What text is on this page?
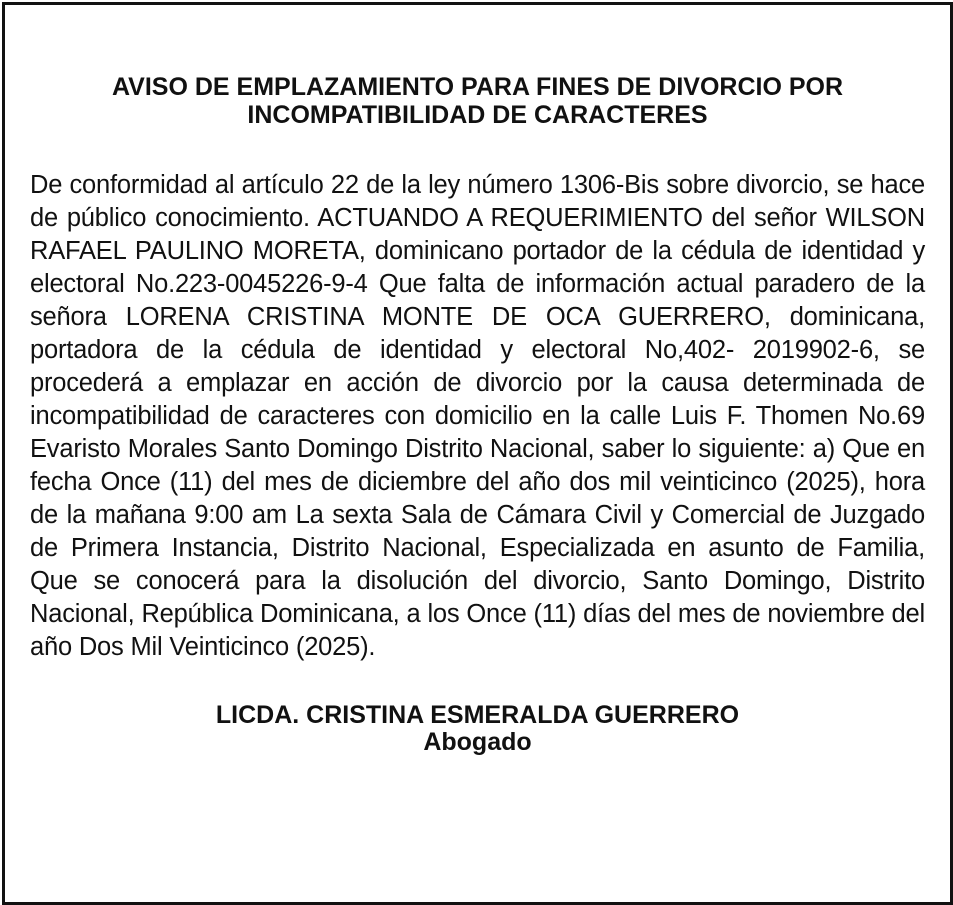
AVISO DE EMPLAZAMIENTO PARA FINES DE DIVORCIO POR
INCOMPATIBILIDAD DE CARACTERES

De conformidad al artículo 22 de la ley número 1306-Bis sobre divorcio, se hace de público conocimiento. ACTUANDO A REQUERIMIENTO del señor WILSON RAFAEL PAULINO MORETA, dominicano portador de la cédula de identidad y electoral No.223-0045226-9-4 Que falta de información actual paradero de la señora LORENA CRISTINA MONTE DE OCA GUERRERO, dominicana, portadora de la cédula de identidad y electoral No,402- 2019902-6, se procederá a emplazar en acción de divorcio por la causa determinada de incompatibilidad de caracteres con domicilio en la calle Luis F. Thomen No.69 Evaristo Morales Santo Domingo Distrito Nacional, saber lo siguiente: a) Que en fecha Once (11) del mes de diciembre del año dos mil veinticinco (2025), hora de la mañana 9:00 am La sexta Sala de Cámara Civil y Comercial de Juzgado de Primera Instancia, Distrito Nacional, Especializada en asunto de Familia, Que se conocerá para la disolución del divorcio, Santo Domingo, Distrito Nacional, República Dominicana, a los Once (11) días del mes de noviembre del año Dos Mil Veinticinco (2025).

LICDA. CRISTINA ESMERALDA GUERRERO
Abogado
